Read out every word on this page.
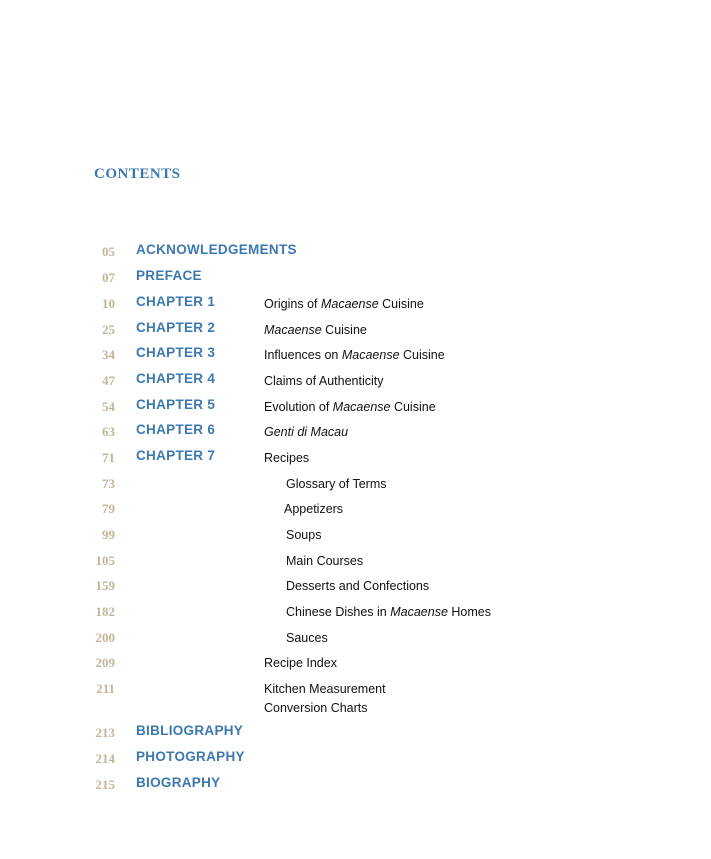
CONTENTS
05 ACKNOWLEDGEMENTS
07 PREFACE
10 CHAPTER 1	Origins of Macaense Cuisine
25 CHAPTER 2	Macaense Cuisine
34 CHAPTER 3	Influences on Macaense Cuisine
47 CHAPTER 4	Claims of Authenticity
54 CHAPTER 5	Evolution of Macaense Cuisine
63 CHAPTER 6	Genti di Macau
71 CHAPTER 7	Recipes
73	Glossary of Terms
79	Appetizers
99	Soups
105	Main Courses
159	Desserts and Confections
182	Chinese Dishes in Macaense Homes
200	Sauces
209	Recipe Index
211	Kitchen Measurement
Conversion Charts
213 BIBLIOGRAPHY
214 PHOTOGRAPHY
215 BIOGRAPHY
